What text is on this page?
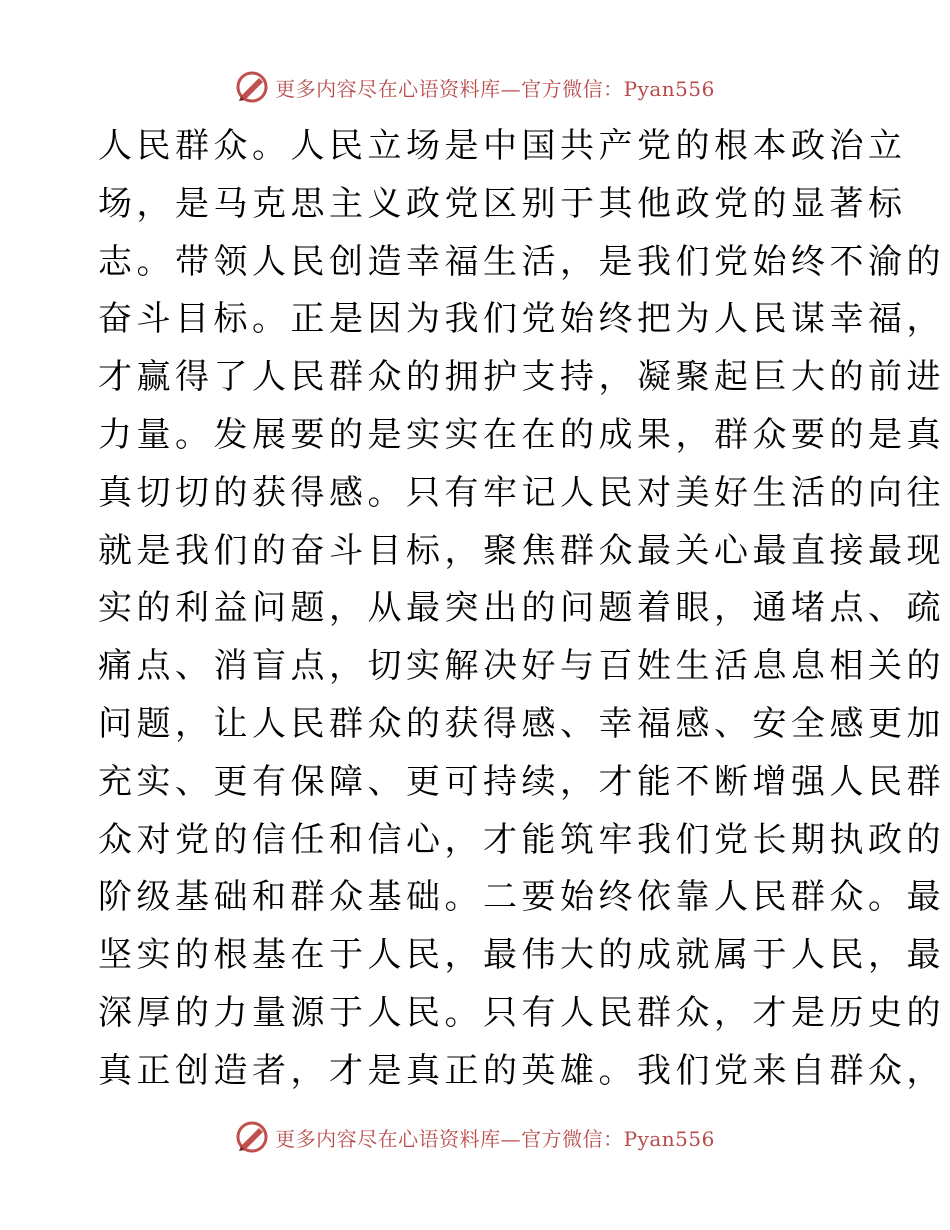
更多内容尽在心语资料库—官方微信：Pyan556
人民群众。人民立场是中国共产党的根本政治立
场，是马克思主义政党区别于其他政党的显著标
志。带领人民创造幸福生活，是我们党始终不渝的
奋斗目标。正是因为我们党始终把为人民谋幸福，
才赢得了人民群众的拥护支持，凝聚起巨大的前进
力量。发展要的是实实在在的成果，群众要的是真
真切切的获得感。只有牢记人民对美好生活的向往
就是我们的奋斗目标，聚焦群众最关心最直接最现
实的利益问题，从最突出的问题着眼，通堵点、疏
痛点、消盲点，切实解决好与百姓生活息息相关的
问题，让人民群众的获得感、幸福感、安全感更加
充实、更有保障、更可持续，才能不断增强人民群
众对党的信任和信心，才能筑牢我们党长期执政的
阶级基础和群众基础。二要始终依靠人民群众。最
坚实的根基在于人民，最伟大的成就属于人民，最
深厚的力量源于人民。只有人民群众，才是历史的
真正创造者，才是真正的英雄。我们党来自群众，
更多内容尽在心语资料库—官方微信：Pyan556
